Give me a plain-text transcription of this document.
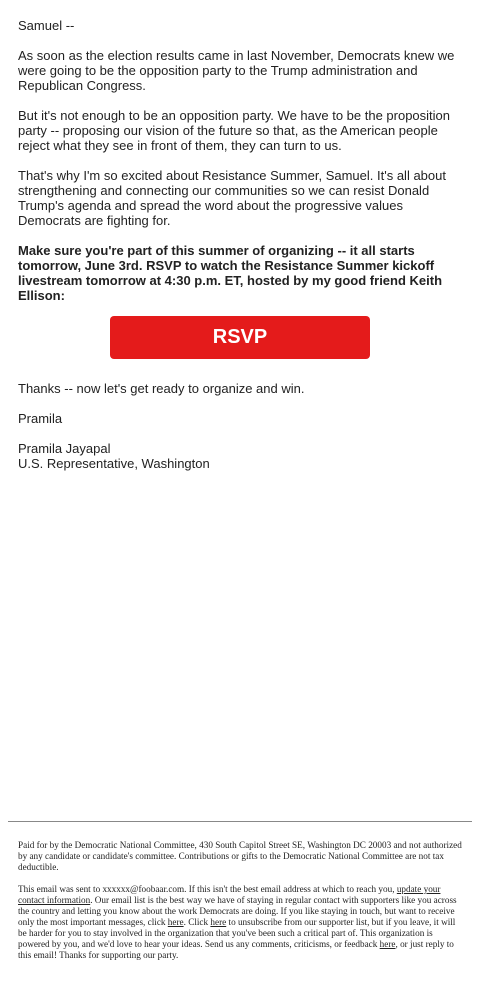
Samuel --

As soon as the election results came in last November, Democrats knew we were going to be the opposition party to the Trump administration and Republican Congress.

But it's not enough to be an opposition party. We have to be the proposition party -- proposing our vision of the future so that, as the American people reject what they see in front of them, they can turn to us.

That's why I'm so excited about Resistance Summer, Samuel. It's all about strengthening and connecting our communities so we can resist Donald Trump's agenda and spread the word about the progressive values Democrats are fighting for.

Make sure you're part of this summer of organizing -- it all starts tomorrow, June 3rd. RSVP to watch the Resistance Summer kickoff livestream tomorrow at 4:30 p.m. ET, hosted by my good friend Keith Ellison:

RSVP

Thanks -- now let's get ready to organize and win.

Pramila

Pramila Jayapal
U.S. Representative, Washington

Paid for by the Democratic National Committee, 430 South Capitol Street SE, Washington DC 20003 and not authorized by any candidate or candidate's committee. Contributions or gifts to the Democratic National Committee are not tax deductible.

This email was sent to xxxxxx@foobaar.com. If this isn't the best email address at which to reach you, update your contact information. Our email list is the best way we have of staying in regular contact with supporters like you across the country and letting you know about the work Democrats are doing. If you like staying in touch, but want to receive only the most important messages, click here. Click here to unsubscribe from our supporter list, but if you leave, it will be harder for you to stay involved in the organization that you've been such a critical part of. This organization is powered by you, and we'd love to hear your ideas. Send us any comments, criticisms, or feedback here, or just reply to this email! Thanks for supporting our party.
